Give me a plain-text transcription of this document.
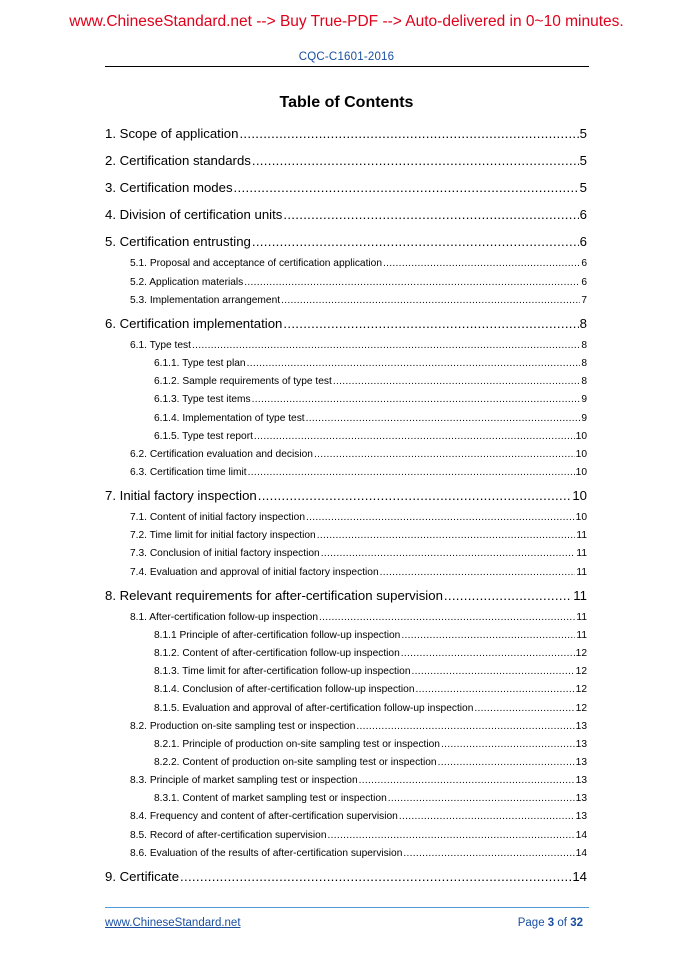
www.ChineseStandard.net --> Buy True-PDF --> Auto-delivered in 0~10 minutes.
CQC-C1601-2016
Table of Contents
1. Scope of application .....	5
2. Certification standards .....	5
3. Certification modes .....	5
4. Division of certification units .....	6
5. Certification entrusting .....	6
5.1. Proposal and acceptance of certification application .....	6
5.2. Application materials .....	6
5.3. Implementation arrangement .....	7
6. Certification implementation .....	8
6.1. Type test .....	8
6.1.1. Type test plan .....	8
6.1.2. Sample requirements of type test .....	8
6.1.3. Type test items .....	9
6.1.4. Implementation of type test .....	9
6.1.5. Type test report .....	10
6.2. Certification evaluation and decision .....	10
6.3. Certification time limit .....	10
7. Initial factory inspection .....	10
7.1. Content of initial factory inspection .....	10
7.2. Time limit for initial factory inspection .....	11
7.3. Conclusion of initial factory inspection .....	11
7.4. Evaluation and approval of initial factory inspection .....	11
8. Relevant requirements for after-certification supervision .....	11
8.1. After-certification follow-up inspection .....	11
8.1.1 Principle of after-certification follow-up inspection .....	11
8.1.2. Content of after-certification follow-up inspection .....	12
8.1.3. Time limit for after-certification follow-up inspection .....	12
8.1.4. Conclusion of after-certification follow-up inspection .....	12
8.1.5. Evaluation and approval of after-certification follow-up inspection .....	12
8.2. Production on-site sampling test or inspection .....	13
8.2.1. Principle of production on-site sampling test or inspection .....	13
8.2.2. Content of production on-site sampling test or inspection .....	13
8.3. Principle of market sampling test or inspection .....	13
8.3.1. Content of market sampling test or inspection .....	13
8.4. Frequency and content of after-certification supervision .....	13
8.5. Record of after-certification supervision .....	14
8.6. Evaluation of the results of after-certification supervision .....	14
9. Certificate .....	14
www.ChineseStandard.net	Page 3 of 32
